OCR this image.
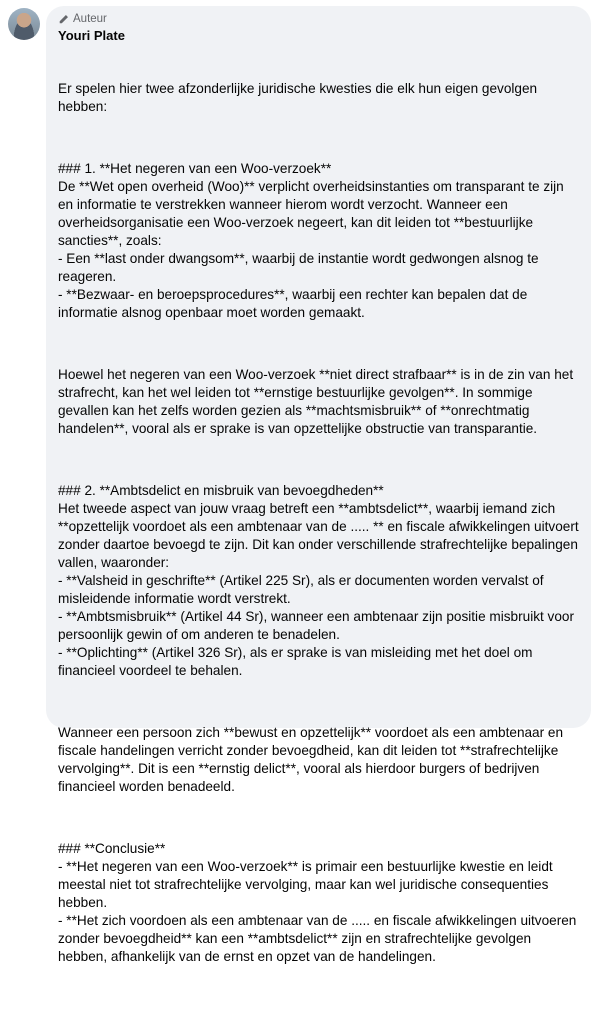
Auteur
Youri Plate

Er spelen hier twee afzonderlijke juridische kwesties die elk hun eigen gevolgen hebben:

### 1. **Het negeren van een Woo-verzoek**
De **Wet open overheid (Woo)** verplicht overheidsinstanties om transparant te zijn en informatie te verstrekken wanneer hierom wordt verzocht. Wanneer een overheidsorganisatie een Woo-verzoek negeert, kan dit leiden tot **bestuurlijke sancties**, zoals:
- Een **last onder dwangsom**, waarbij de instantie wordt gedwongen alsnog te reageren.
- **Bezwaar- en beroepsprocedures**, waarbij een rechter kan bepalen dat de informatie alsnog openbaar moet worden gemaakt.

Hoewel het negeren van een Woo-verzoek **niet direct strafbaar** is in de zin van het strafrecht, kan het wel leiden tot **ernstige bestuurlijke gevolgen**. In sommige gevallen kan het zelfs worden gezien als **machtsmisbruik** of **onrechtmatig handelen**, vooral als er sprake is van opzettelijke obstructie van transparantie.

### 2. **Ambtsdelict en misbruik van bevoegdheden**
Het tweede aspect van jouw vraag betreft een **ambtsdelict**, waarbij iemand zich **opzettelijk voordoet als een ambtenaar van de ..... ** en fiscale afwikkelingen uitvoert zonder daartoe bevoegd te zijn. Dit kan onder verschillende strafrechtelijke bepalingen vallen, waaronder:
- **Valsheid in geschrifte** (Artikel 225 Sr), als er documenten worden vervalst of misleidende informatie wordt verstrekt.
- **Ambtsmisbruik** (Artikel 44 Sr), wanneer een ambtenaar zijn positie misbruikt voor persoonlijk gewin of om anderen te benadelen.
- **Oplichting** (Artikel 326 Sr), als er sprake is van misleiding met het doel om financieel voordeel te behalen.

Wanneer een persoon zich **bewust en opzettelijk** voordoet als een ambtenaar en fiscale handelingen verricht zonder bevoegdheid, kan dit leiden tot **strafrechtelijke vervolging**. Dit is een **ernstig delict**, vooral als hierdoor burgers of bedrijven financieel worden benadeeld.

### **Conclusie**
- **Het negeren van een Woo-verzoek** is primair een bestuurlijke kwestie en leidt meestal niet tot strafrechtelijke vervolging, maar kan wel juridische consequenties hebben.
- **Het zich voordoen als een ambtenaar van de ..... en fiscale afwikkelingen uitvoeren zonder bevoegdheid** kan een **ambtsdelict** zijn en strafrechtelijke gevolgen hebben, afhankelijk van de ernst en opzet van de handelingen.
